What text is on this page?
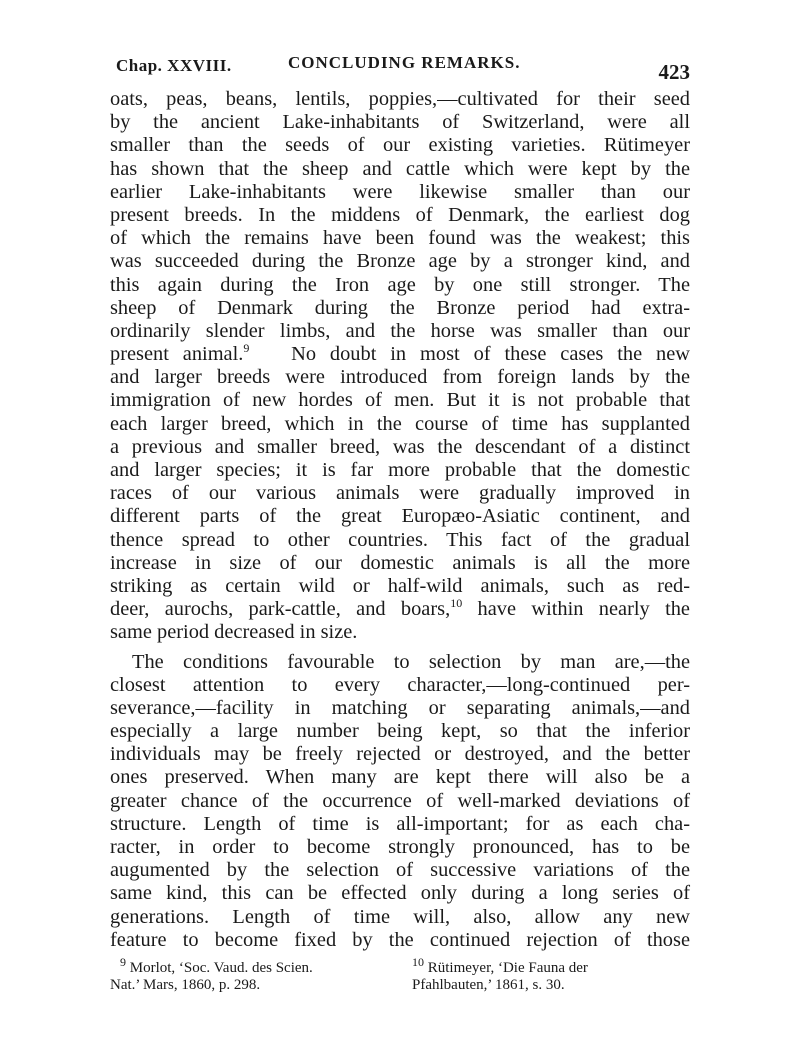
Chap. XXVIII.	CONCLUDING REMARKS.	423
oats, peas, beans, lentils, poppies,—cultivated for their seed
by the ancient Lake-inhabitants of Switzerland, were all
smaller than the seeds of our existing varieties. Rütimeyer
has shown that the sheep and cattle which were kept by the
earlier Lake-inhabitants were likewise smaller than our
present breeds. In the middens of Denmark, the earliest dog
of which the remains have been found was the weakest; this
was succeeded during the Bronze age by a stronger kind, and
this again during the Iron age by one still stronger. The
sheep of Denmark during the Bronze period had extra-
ordinarily slender limbs, and the horse was smaller than our
present animal.$^9$ No doubt in most of these cases the new
and larger breeds were introduced from foreign lands by the
immigration of new hordes of men. But it is not probable that
each larger breed, which in the course of time has supplanted
a previous and smaller breed, was the descendant of a distinct
and larger species; it is far more probable that the domestic
races of our various animals were gradually improved in
different parts of the great Europæo-Asiatic continent, and
thence spread to other countries. This fact of the gradual
increase in size of our domestic animals is all the more
striking as certain wild or half-wild animals, such as red-
deer, aurochs, park-cattle, and boars,$^{10}$ have within nearly the
same period decreased in size.
The conditions favourable to selection by man are,—the
closest attention to every character,—long-continued per-
severance,—facility in matching or separating animals,—and
especially a large number being kept, so that the inferior
individuals may be freely rejected or destroyed, and the better
ones preserved. When many are kept there will also be a
greater chance of the occurrence of well-marked deviations of
structure. Length of time is all-important; for as each cha-
racter, in order to become strongly pronounced, has to be
augumented by the selection of successive variations of the
same kind, this can be effected only during a long series of
generations. Length of time will, also, allow any new
feature to become fixed by the continued rejection of those
$^9$ Morlot, ‘Soc. Vaud. des Scien.
Nat.’ Mars, 1860, p. 298.
$^{10}$ Rütimeyer, ‘Die Fauna der
Pfahlbauten,’ 1861, s. 30.
